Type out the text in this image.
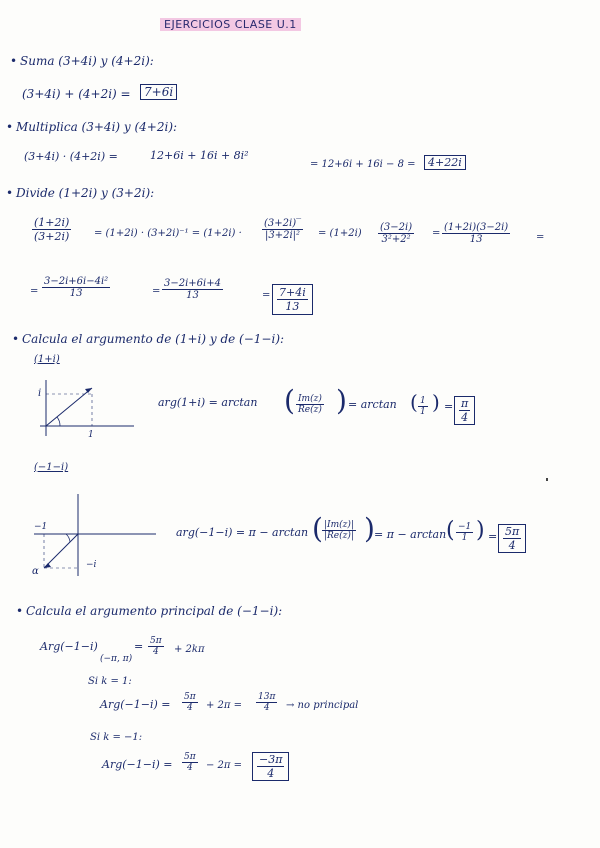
EJERCICIOS CLASE U.1
• Suma (3+4i) y (4+2i):
(3+4i) + (4+2i) =	7+6i
• Multiplica (3+4i) y (4+2i):
(3+4i) · (4+2i) =	12+6i + 16i + 8i²
= 12+6i + 16i − 8 =	4+22i
• Divide (1+2i) y (3+2i):
$\frac{(1+2i)}{(3+2i)} = (1+2i) \cdot (3+2i)^{-1} = (1+2i) \cdot \frac{(3+2i)‾}{\text{|3+2i|²}} = (1+2i) \frac{(3-2i)}{\text{3²+2²}} = \frac{(1+2i)(3-2i)}{13}$	=
= $\frac{\text{3−2i+6i−4i²}}{13}$	= $\frac{3-2i+6i+4}{13}$	= $\frac{7+4i}{13}$
• Calcula el argumento de (1+i) y de (−1−i):
(1+i)
i
1
arg(1+i) = arctan ( $\frac{Im(z)}{Re(z)}$ ) = arctan ( $\frac{1}{1}$ ) = $\frac{\pi}{4}$
(−1−i)
−1
−i
α
arg(−1−i) = π − arctan ( $\frac{|Im(z)|}{|Re(z)|}$ ) = π − arctan ( $\frac{-1}{1}$ ) = $\frac{5\pi}{4}$
• Calcula el argumento principal de (−1−i):
Arg(−1−i)
(−π, π)
= $\frac{5\pi}{4} + 2k\pi$
Si k = 1:
$Arg(-1-i) = \frac{5\pi}{4} + 2\pi = \frac{13\pi}{4}$ → no principal
Si k = −1:
$Arg(-1-i) = \frac{5\pi}{4} - 2\pi = \frac{-3\pi}{4}$
